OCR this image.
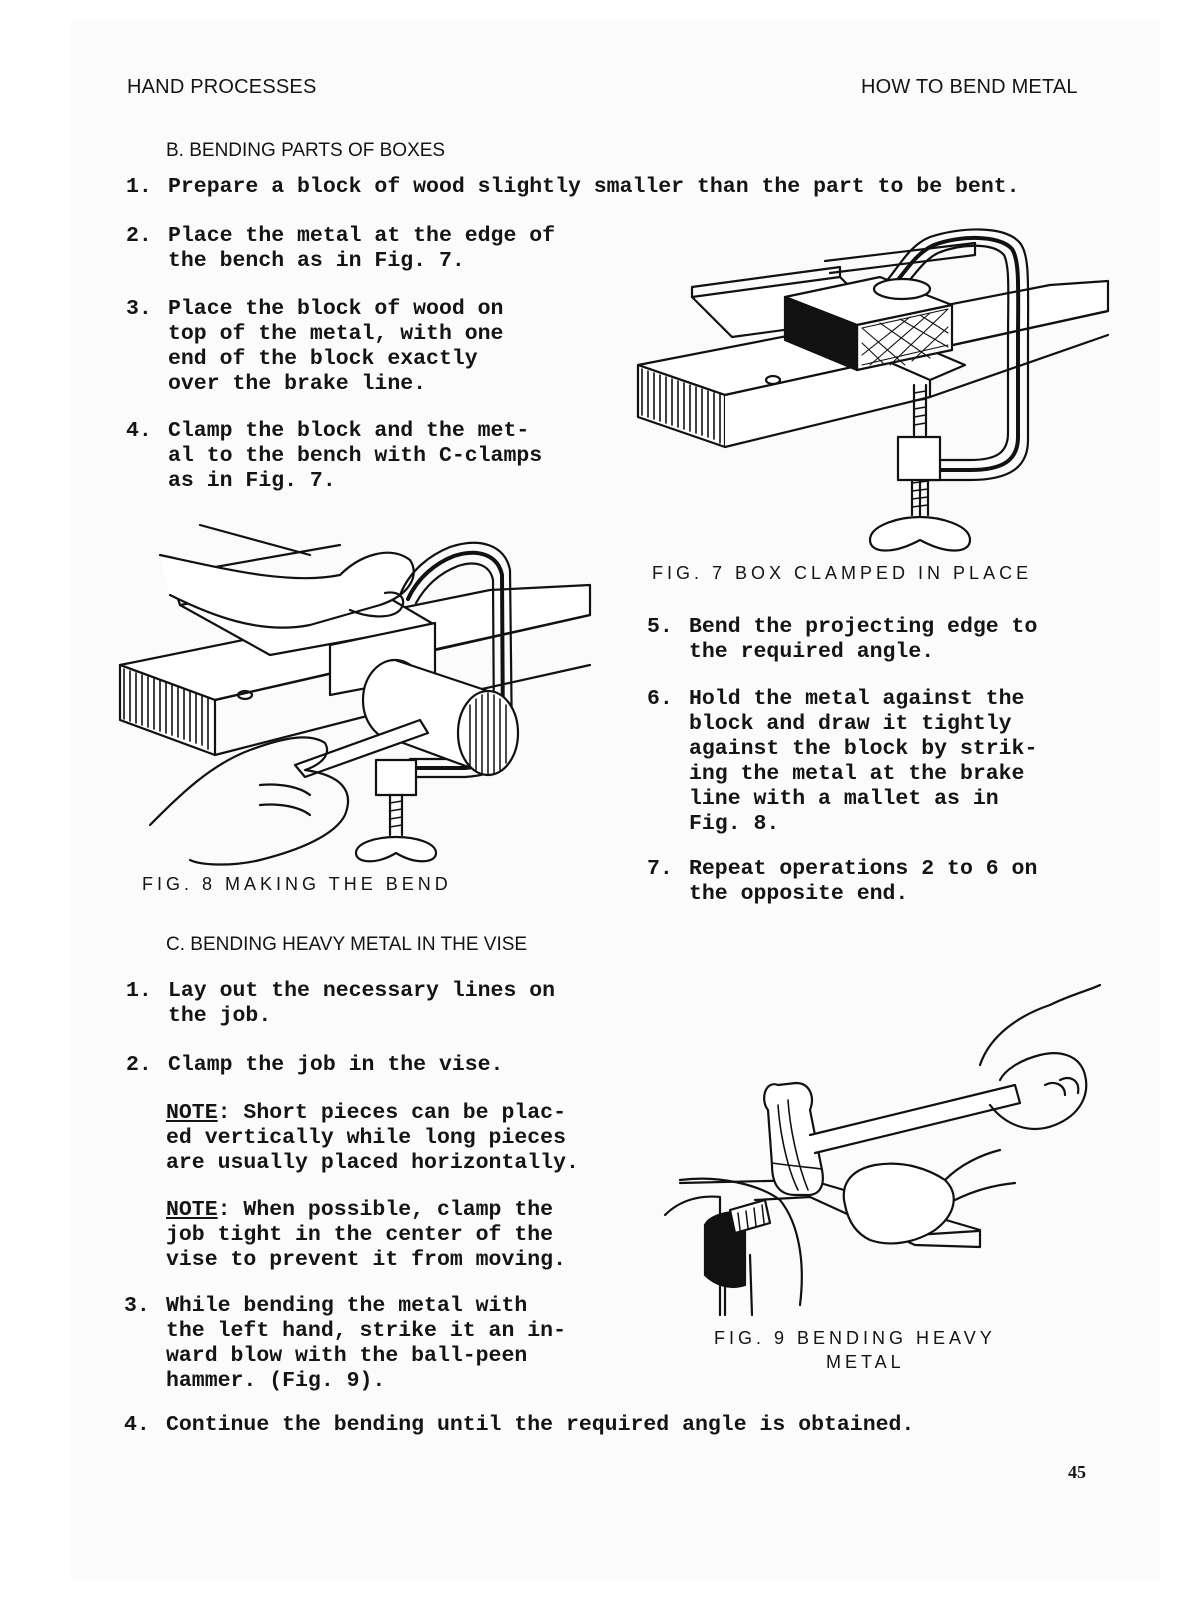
HAND PROCESSES	HOW TO BEND METAL
B. BENDING PARTS OF BOXES
1. Prepare a block of wood slightly smaller than the part to be bent.
2. Place the metal at the edge of
the bench as in Fig. 7.
3. Place the block of wood on
top of the metal, with one
end of the block exactly
over the brake line.
4. Clamp the block and the met-
al to the bench with C-clamps
as in Fig. 7.
5. Bend the projecting edge to
the required angle.
6. Hold the metal against the
block and draw it tightly
against the block by strik-
ing the metal at the brake
line with a mallet as in
Fig. 8.
7. Repeat operations 2 to 6 on
the opposite end.
FIG. 7 BOX CLAMPED IN PLACE
FIG. 8 MAKING THE BEND
C. BENDING HEAVY METAL IN THE VISE
1. Lay out the necessary lines on
the job.
2. Clamp the job in the vise.
NOTE: Short pieces can be plac-
ed vertically while long pieces
are usually placed horizontally.
NOTE: When possible, clamp the
job tight in the center of the
vise to prevent it from moving.
3. While bending the metal with
the left hand, strike it an in-
ward blow with the ball-peen
hammer. (Fig. 9).
4. Continue the bending until the required angle is obtained.
FIG. 9 BENDING HEAVY
METAL
45
